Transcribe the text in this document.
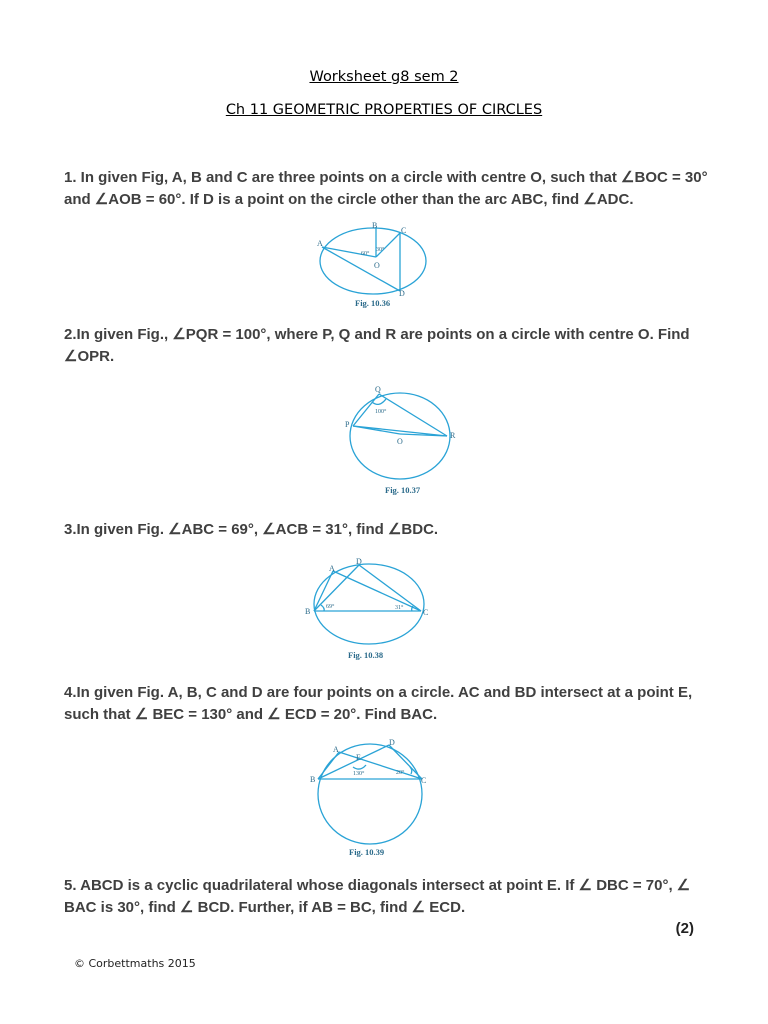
Worksheet g8 sem 2
Ch 11 GEOMETRIC PROPERTIES OF CIRCLES
1. In given Fig, A, B and C are three points on a circle with centre O, such that ∠BOC = 30° and ∠AOB = 60°. If D is a point on the circle other than the arc ABC, find ∠ADC.
B
A
C
O
D
60°
30°
Fig. 10.36
2.In given Fig., ∠PQR = 100°, where P, Q and R are points on a circle with centre O. Find ∠OPR.
Q
P
R
O
100°
Fig. 10.37
3.In given Fig. ∠ABC = 69°, ∠ACB = 31°, find ∠BDC.
D
A
B	C
69°	31°
Fig. 10.38
4.In given Fig. A, B, C and D are four points on a circle. AC and BD intersect at a point E, such that ∠ BEC = 130° and ∠ ECD = 20°. Find BAC.
D
A
E
B	C
130°	20°
Fig. 10.39
5. ABCD is a cyclic quadrilateral whose diagonals intersect at point E. If ∠ DBC = 70°, ∠ BAC is 30°, find ∠ BCD. Further, if AB = BC, find ∠ ECD.
(2)
© Corbettmaths 2015
